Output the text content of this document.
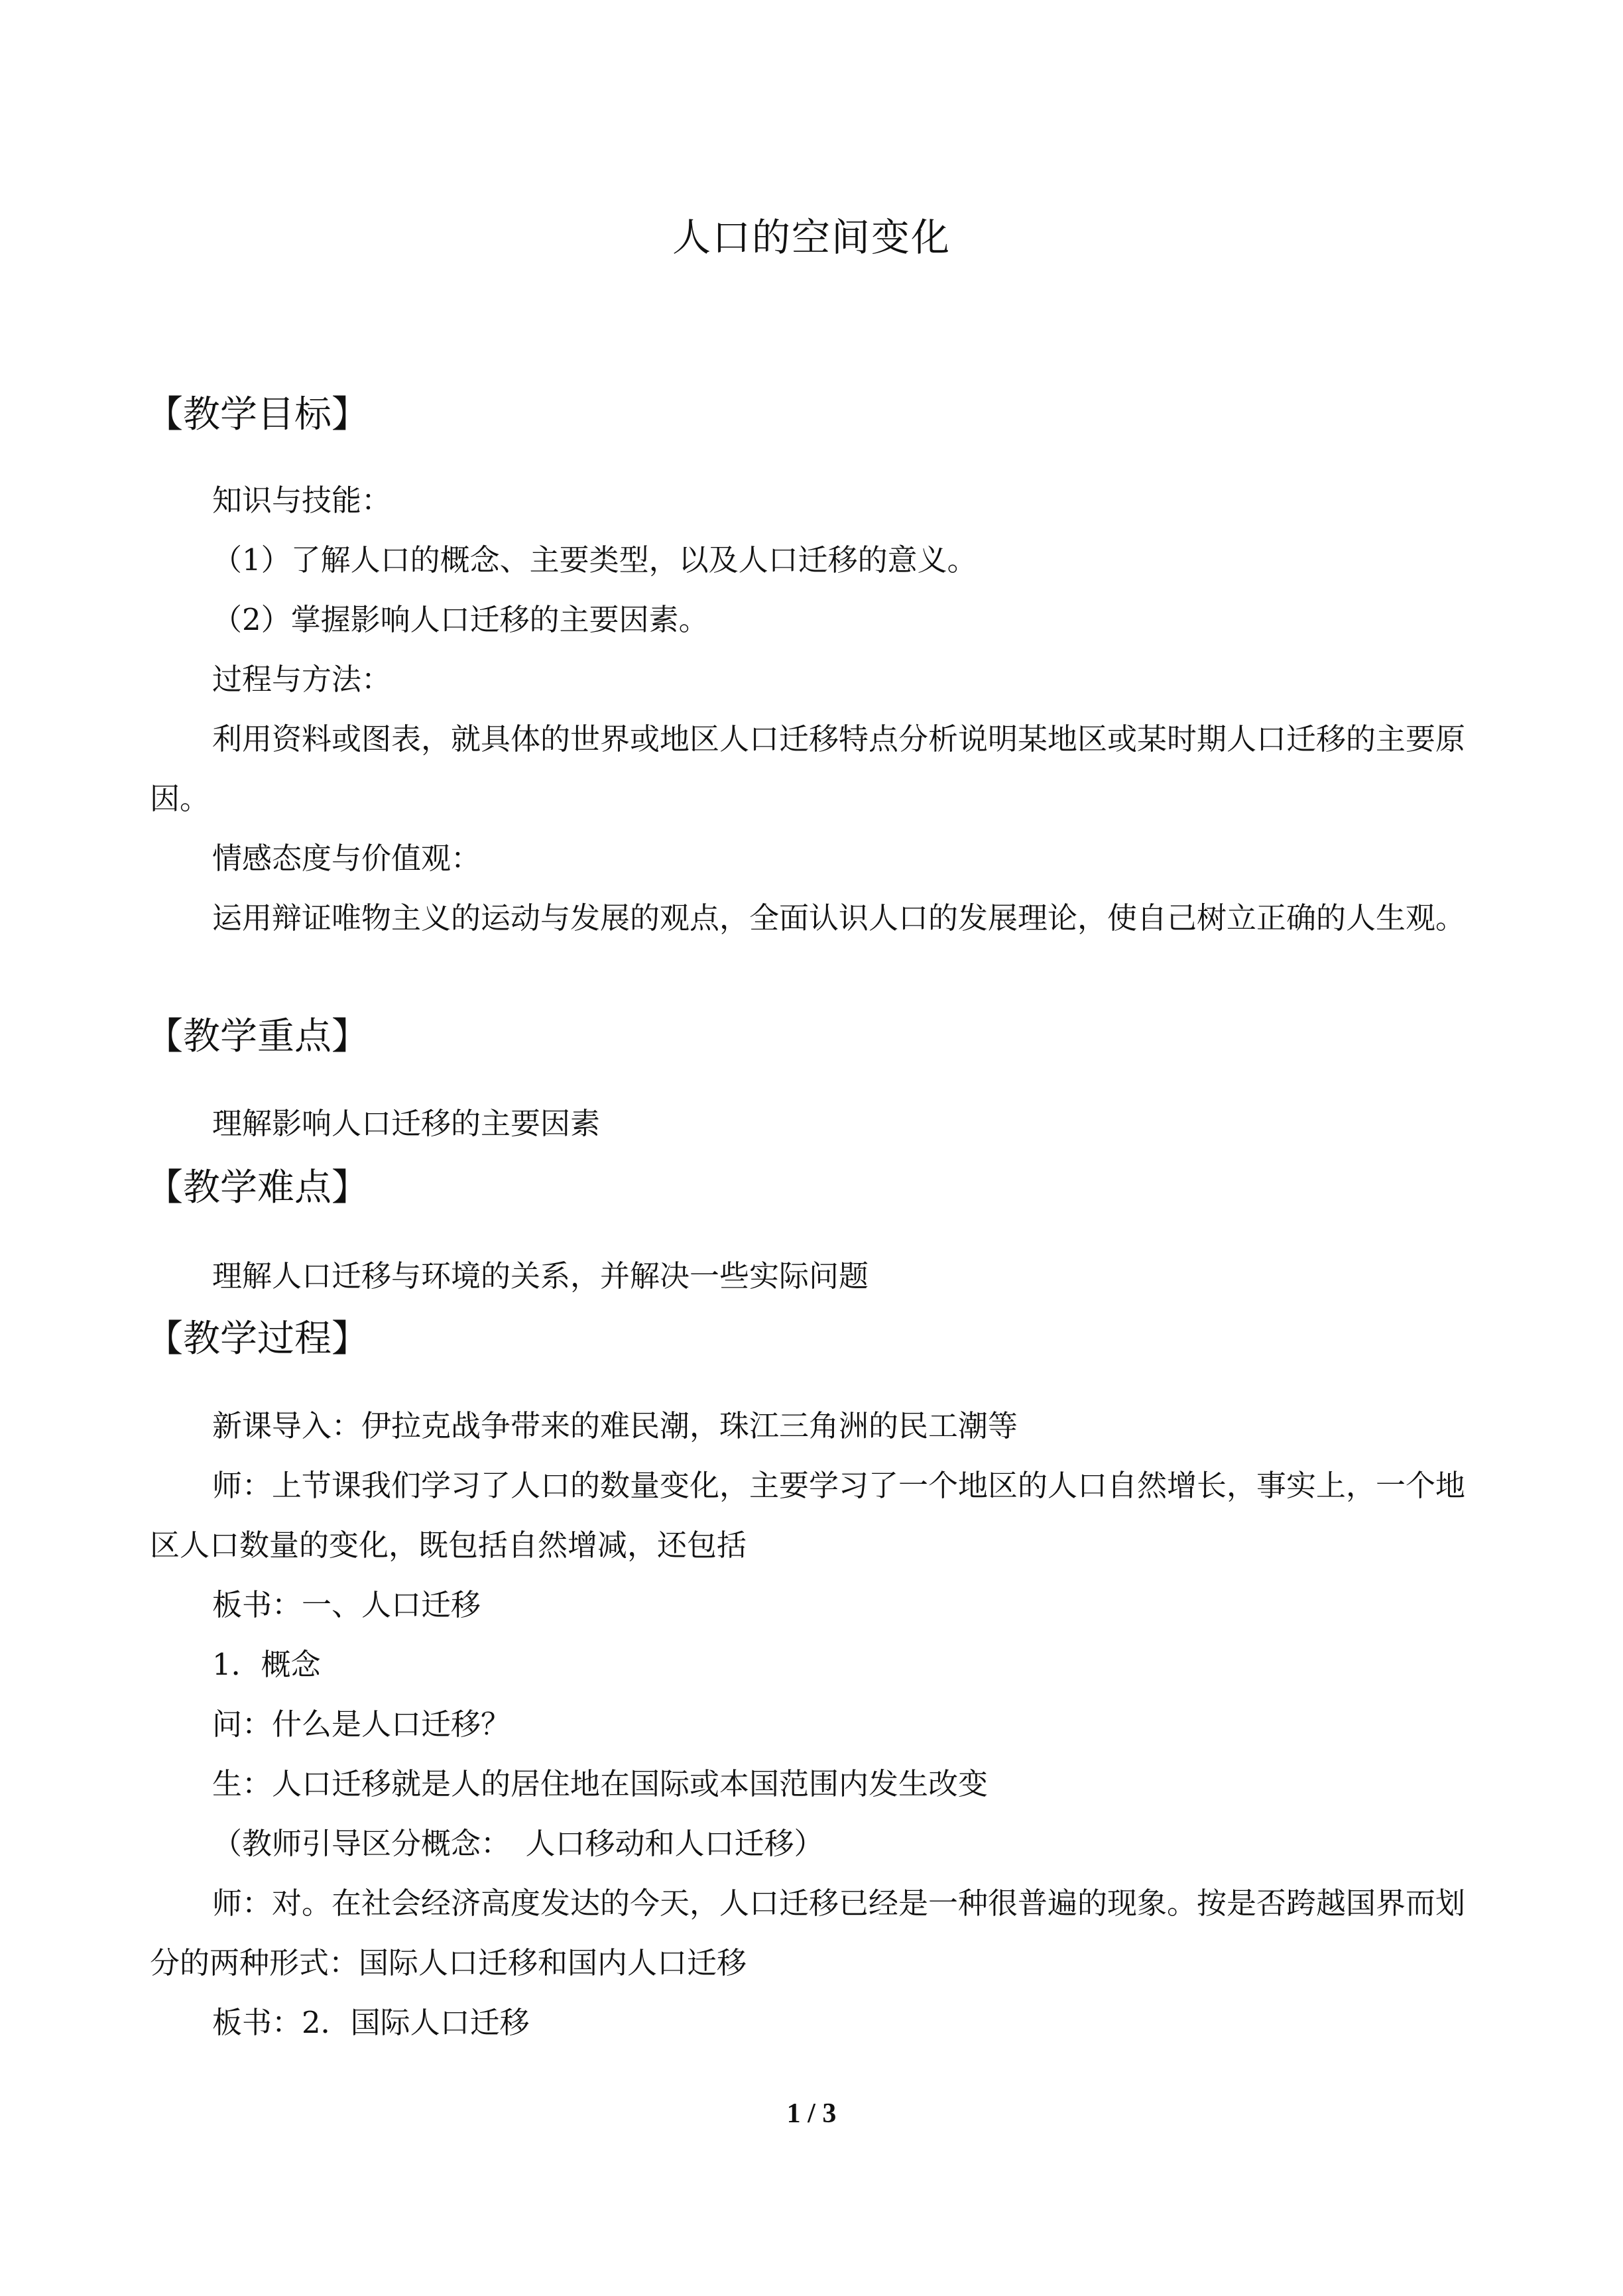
人口的空间变化
【教学目标】
知识与技能：
（1）了解人口的概念、主要类型，以及人口迁移的意义。
（2）掌握影响人口迁移的主要因素。
过程与方法：
利用资料或图表，就具体的世界或地区人口迁移特点分析说明某地区或某时期人口迁移的主要原因。
情感态度与价值观：
运用辩证唯物主义的运动与发展的观点，全面认识人口的发展理论，使自己树立正确的人生观。
【教学重点】
理解影响人口迁移的主要因素
【教学难点】
理解人口迁移与环境的关系，并解决一些实际问题
【教学过程】
新课导入：伊拉克战争带来的难民潮，珠江三角洲的民工潮等
师：上节课我们学习了人口的数量变化，主要学习了一个地区的人口自然增长，事实上，一个地区人口数量的变化，既包括自然增减，还包括
板书：一、人口迁移
1．概念
问：什么是人口迁移？
生：人口迁移就是人的居住地在国际或本国范围内发生改变
（教师引导区分概念：　人口移动和人口迁移）
师：对。在社会经济高度发达的今天，人口迁移已经是一种很普遍的现象。按是否跨越国界而划分的两种形式：国际人口迁移和国内人口迁移
板书：2．国际人口迁移
1 / 3
